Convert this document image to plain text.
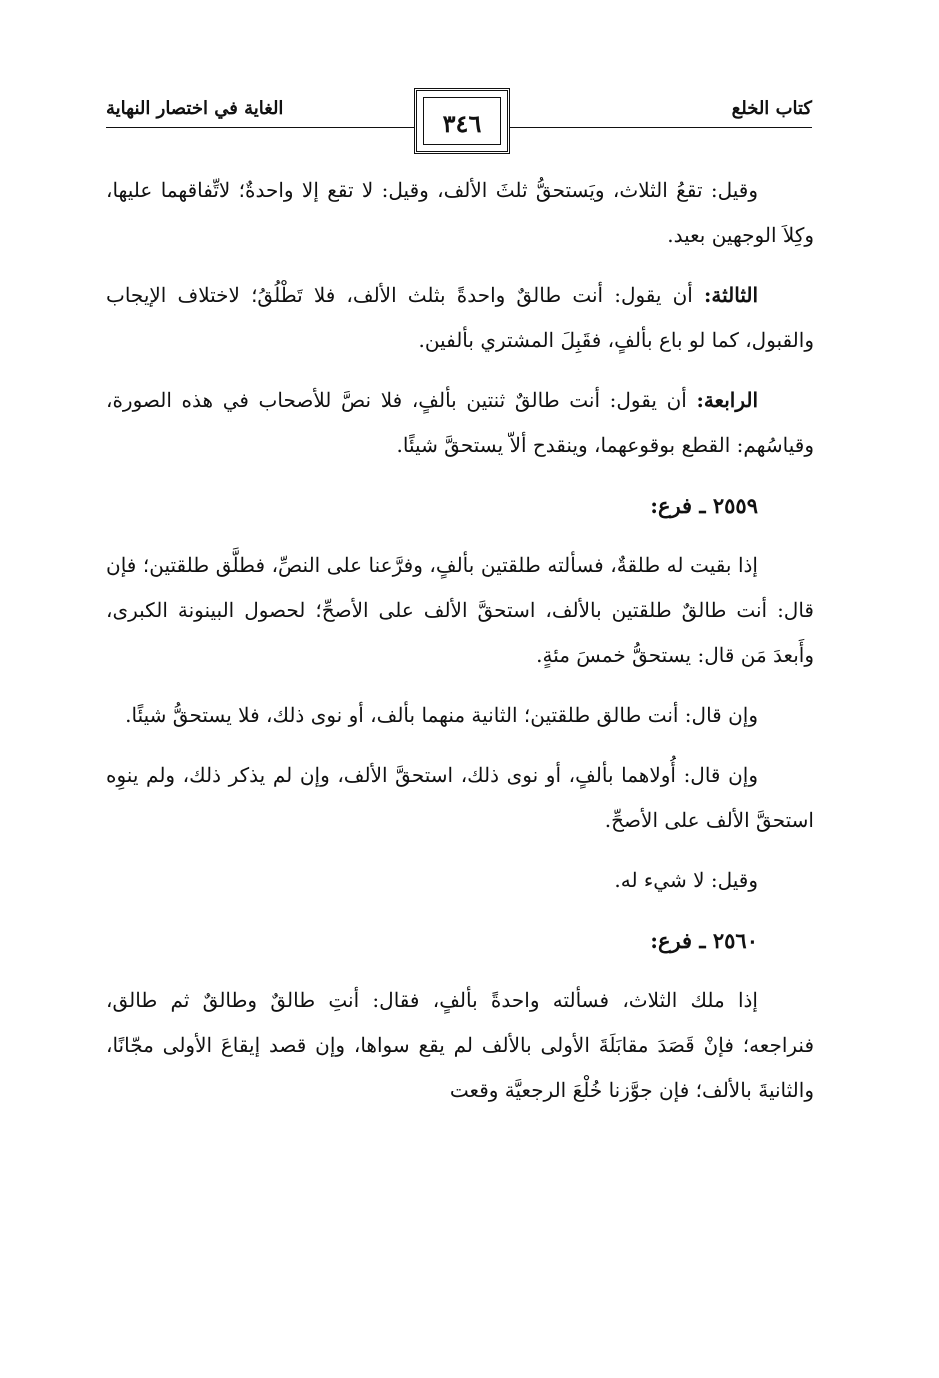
كتاب الخلع
الغاية في اختصار النهاية
٣٤٦

وقيل: تقعُ الثلاث، ويَستحقُّ ثلثَ الألف، وقيل: لا تقع إلا واحدةٌ؛ لاتِّفاقهما عليها، وكِلاَ الوجهين بعيد.

الثالثة: أن يقول: أنت طالقٌ واحدةً بثلث الألف، فلا تَطْلُقُ؛ لاختلاف الإيجاب والقبول، كما لو باع بألفٍ، فقَبِلَ المشتري بألفين.

الرابعة: أن يقول: أنت طالقٌ ثنتين بألفٍ، فلا نصَّ للأصحاب في هذه الصورة، وقياسُهم: القطع بوقوعهما، وينقدح ألاّ يستحقَّ شيئًا.

٢٥٥٩ ـ فرع:

إذا بقيت له طلقةٌ، فسألته طلقتين بألفٍ، وفرَّعنا على النصِّ، فطلَّق طلقتين؛ فإن قال: أنت طالقٌ طلقتين بالألف، استحقَّ الألف على الأصحِّ؛ لحصول البينونة الكبرى، وأَبعدَ مَن قال: يستحقُّ خمسَ مئةٍ.

وإن قال: أنت طالق طلقتين؛ الثانية منهما بألف، أو نوى ذلك، فلا يستحقُّ شيئًا.

وإن قال: أُولاهما بألفٍ، أو نوى ذلك، استحقَّ الألف، وإن لم يذكر ذلك، ولم ينوِه استحقَّ الألف على الأصحِّ.

وقيل: لا شيء له.

٢٥٦٠ ـ فرع:

إذا ملك الثلاث، فسألته واحدةً بألفٍ، فقال: أنتِ طالقٌ وطالقٌ ثم طالق، فنراجعه؛ فإنْ قَصَدَ مقابَلَةَ الأولى بالألف لم يقع سواها، وإن قصد إيقاعَ الأولى مجّانًا، والثانيةَ بالألف؛ فإن جوَّزنا خُلْعَ الرجعيَّة وقعت
